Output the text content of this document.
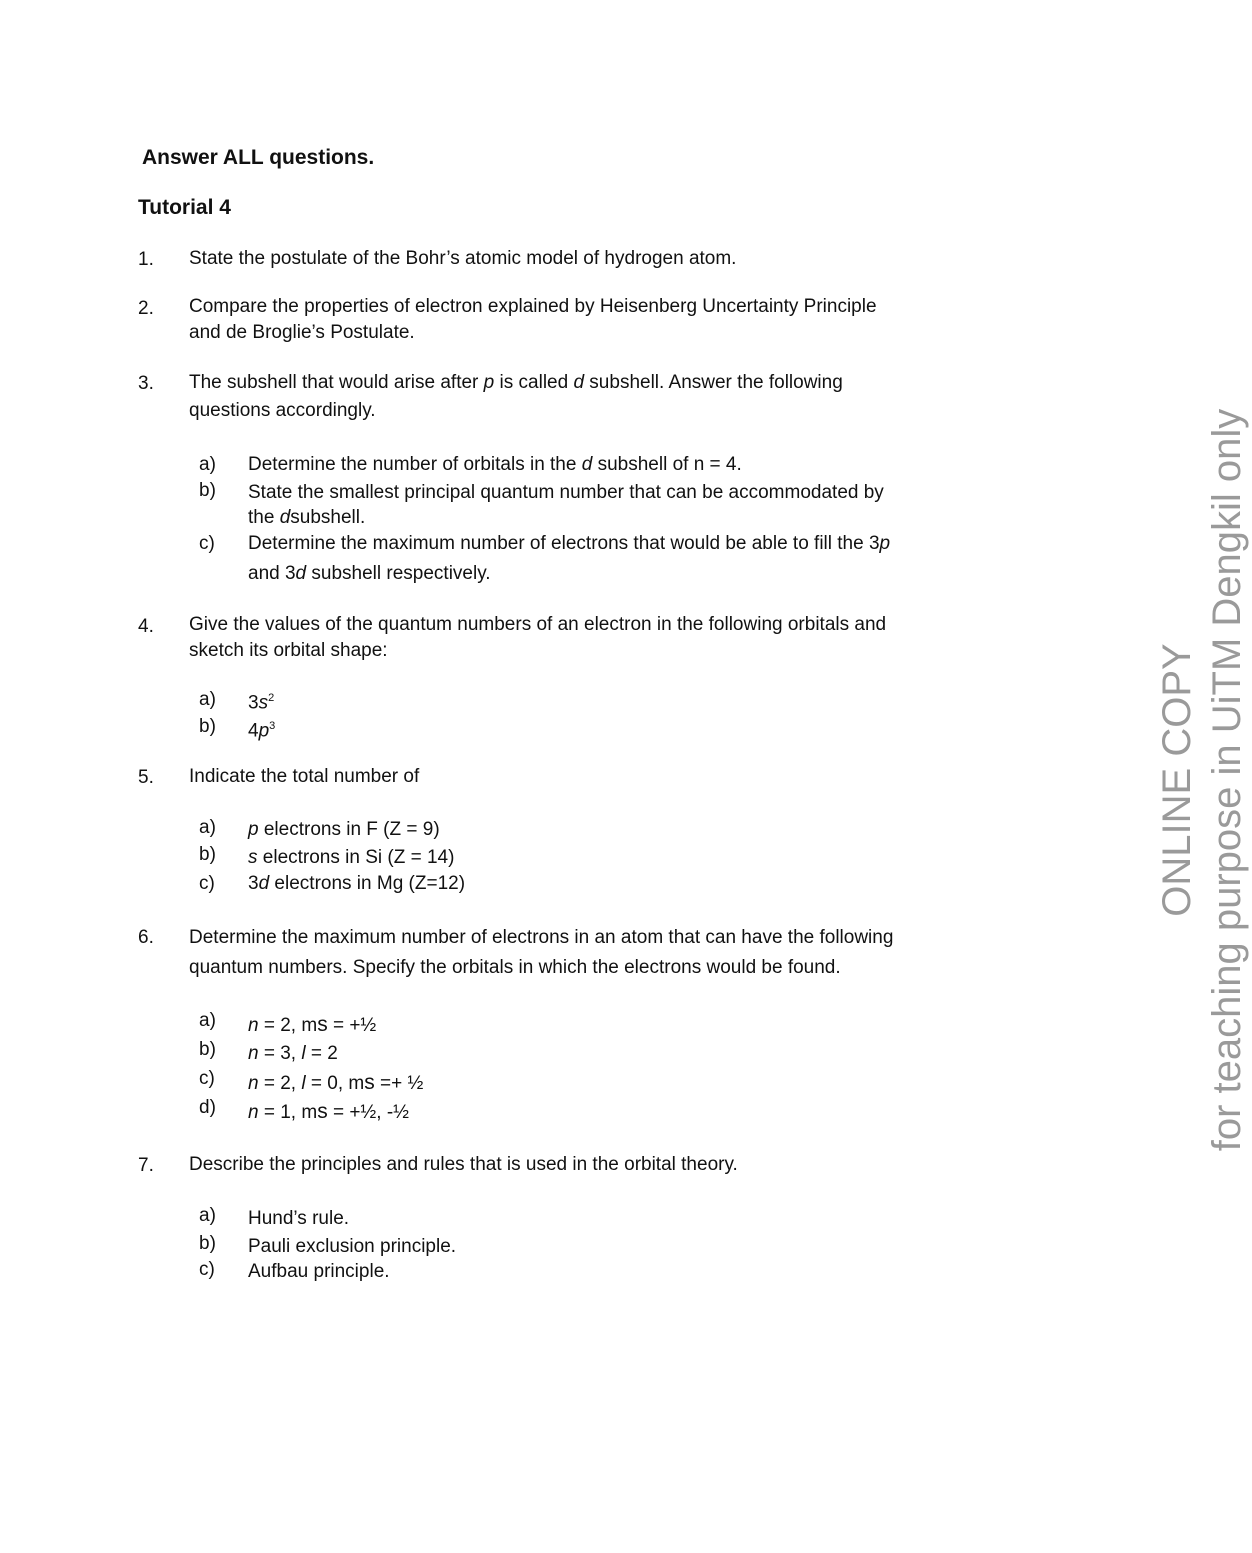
Answer ALL questions.
Tutorial 4
1. State the postulate of the Bohr’s atomic model of hydrogen atom.
2. Compare the properties of electron explained by Heisenberg Uncertainty Principle
and de Broglie’s Postulate.
3. The subshell that would arise after p is called d subshell. Answer the following
questions accordingly.
a) Determine the number of orbitals in the d subshell of n = 4.
b) State the smallest principal quantum number that can be accommodated by
the dsubshell.
c) Determine the maximum number of electrons that would be able to fill the 3p
and 3d subshell respectively.
4. Give the values of the quantum numbers of an electron in the following orbitals and
sketch its orbital shape:
a) $3s^2$
b) $4p^3$
5. Indicate the total number of
a) p electrons in F (Z = 9)
b) s electrons in Si (Z = 14)
c) 3d electrons in Mg (Z=12)
6. Determine the maximum number of electrons in an atom that can have the following
quantum numbers. Specify the orbitals in which the electrons would be found.
a) n = 2, ms = +½
b) n = 3, l = 2
c) n = 2, l = 0, ms =+ ½
d) n = 1, ms = +½, -½
7. Describe the principles and rules that is used in the orbital theory.
a) Hund’s rule.
b) Pauli exclusion principle.
c) Aufbau principle.
ONLINE COPY for teaching purpose in UiTM Dengkil only
